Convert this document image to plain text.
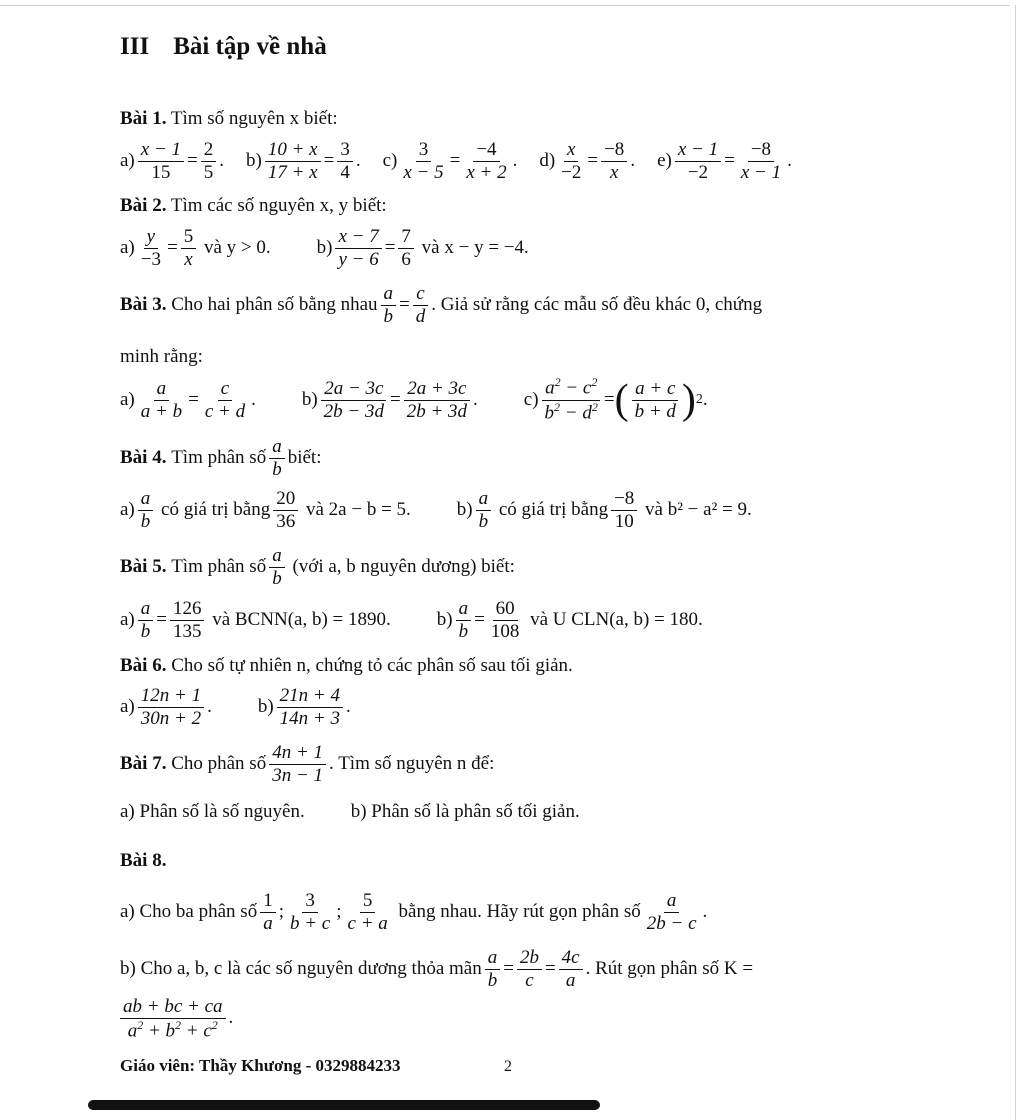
III Bài tập về nhà

Bài 1. Tìm số nguyên x biết:

a)
x − 1
15
=
2
5
.
b)
10 + x
17 + x
=
3
4
.
c)
3
x − 5
=
−4
x + 2
.
d)
x
−2
=
−8
x
.
e)
x − 1
−2
=
−8
x − 1
.

Bài 2. Tìm các số nguyên x, y biết:

a)
y
−3
=
5
x

và y > 0. b)
x − 7
y − 6
=
7
6

và x − y = −4.
Bài 3.
Cho hai phân số bằng nhau
a
b
=
c
d
. Giả sử rằng các mẫu số đều khác 0, chứng

minh rằng:

a)
a
a + b
=
c
c + d
.
b)
2a − 3c
2b − 3d
=
2a + 3c
2b + 3d
.
c)
$a^2 - c^2$
$b^2 - d^2$ = ( a + c
b + d ) 2 .
Bài 4.
Tìm phân số
a
b
biết:
a)
a
b

có giá trị bằng
20
36

và 2a − b = 5. b)
a
b

có giá trị bằng
−8
10

và b² − a² = 9.
Bài 5.
Tìm phân số
a
b

(với a, b nguyên dương) biết:
a)
a
b
=
126
135

và BCNN(a, b) = 1890. b)
a
b
=
60
108

và U CLN(a, b) = 180.

Bài 6. Cho số tự nhiên n, chứng tỏ các phân số sau tối giản.

a)
12n + 1
30n + 2
.
b)
21n + 4
14n + 3
.
Bài 7.
Cho phân số
4n + 1
3n − 1
. Tìm số nguyên n để:
a) Phân số là số nguyên. b) Phân số là phân số tối giản.

Bài 8.

a) Cho ba phân số
1
a
;
3
b + c
;
5
c + a

bằng nhau. Hãy rút gọn phân số
a
2b − c
.
b) Cho a, b, c là các số nguyên dương thỏa mãn
a
b
=
2b
c
=
4c
a
. Rút gọn phân số K =
ab + bc + ca
$a^2 + b^2 + c^2$ .
Giáo viên: Thầy Khương - 0329884233	2
